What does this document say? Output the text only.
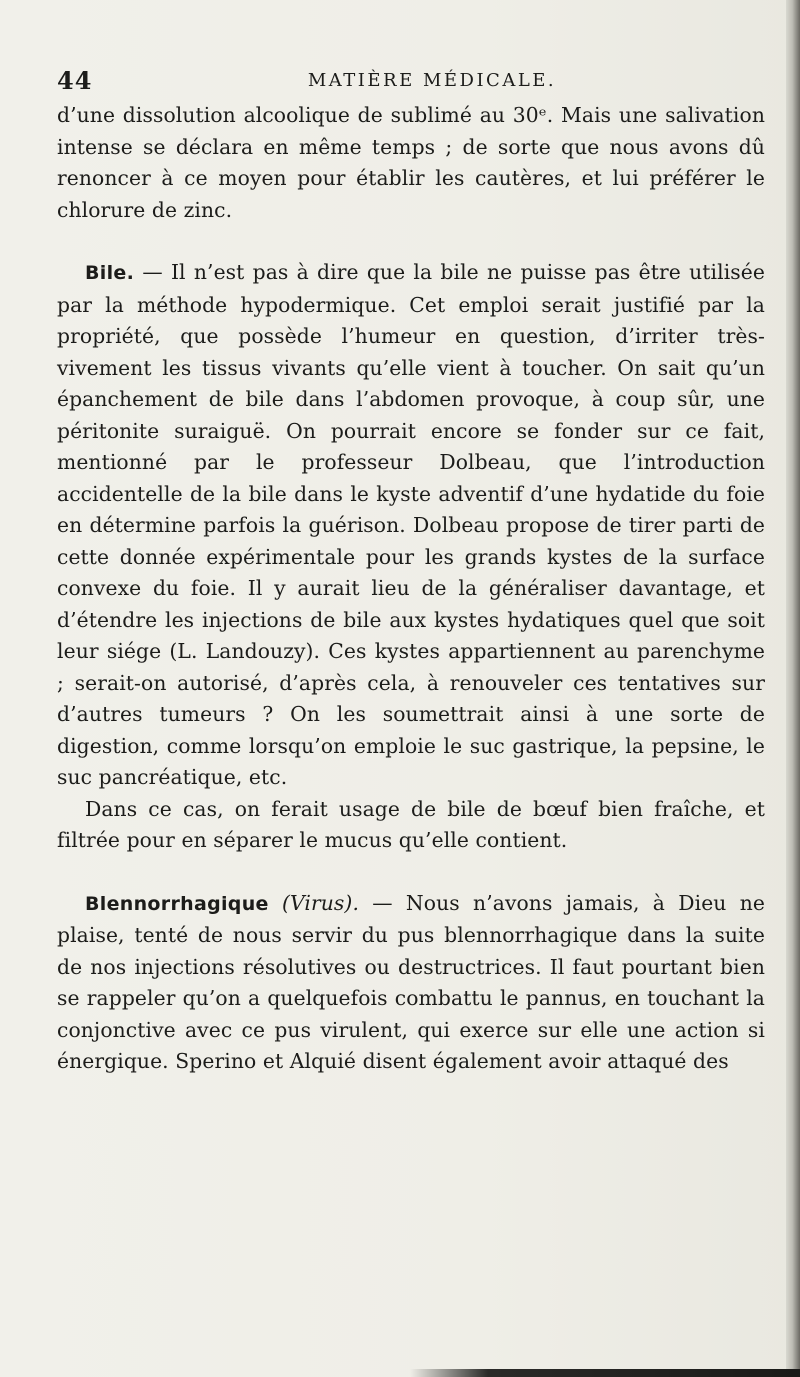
44	MATIÈRE MÉDICALE.

d’une dissolution alcoolique de sublimé au 30ᵉ. Mais une salivation intense se déclara en même temps ; de sorte que nous avons dû renoncer à ce moyen pour établir les cautères, et lui préférer le chlorure de zinc.

Bile. — Il n’est pas à dire que la bile ne puisse pas être utilisée par la méthode hypodermique. Cet emploi serait justifié par la propriété, que possède l’humeur en question, d’irriter très-vivement les tissus vivants qu’elle vient à toucher. On sait qu’un épanchement de bile dans l’abdomen provoque, à coup sûr, une péritonite suraiguë. On pourrait encore se fonder sur ce fait, mentionné par le professeur Dolbeau, que l’introduction accidentelle de la bile dans le kyste adventif d’une hydatide du foie en détermine parfois la guérison. Dolbeau propose de tirer parti de cette donnée expérimentale pour les grands kystes de la surface convexe du foie. Il y aurait lieu de la généraliser davantage, et d’étendre les injections de bile aux kystes hydatiques quel que soit leur siége (L. Landouzy). Ces kystes appartiennent au parenchyme ; serait-on autorisé, d’après cela, à renouveler ces tentatives sur d’autres tumeurs ? On les soumettrait ainsi à une sorte de digestion, comme lorsqu’on emploie le suc gastrique, la pepsine, le suc pancréatique, etc.

Dans ce cas, on ferait usage de bile de bœuf bien fraîche, et filtrée pour en séparer le mucus qu’elle contient.

Blennorrhagique (Virus). — Nous n’avons jamais, à Dieu ne plaise, tenté de nous servir du pus blennorrhagique dans la suite de nos injections résolutives ou destructrices. Il faut pourtant bien se rappeler qu’on a quelquefois combattu le pannus, en touchant la conjonctive avec ce pus virulent, qui exerce sur elle une action si énergique. Sperino et Alquié disent également avoir attaqué des
